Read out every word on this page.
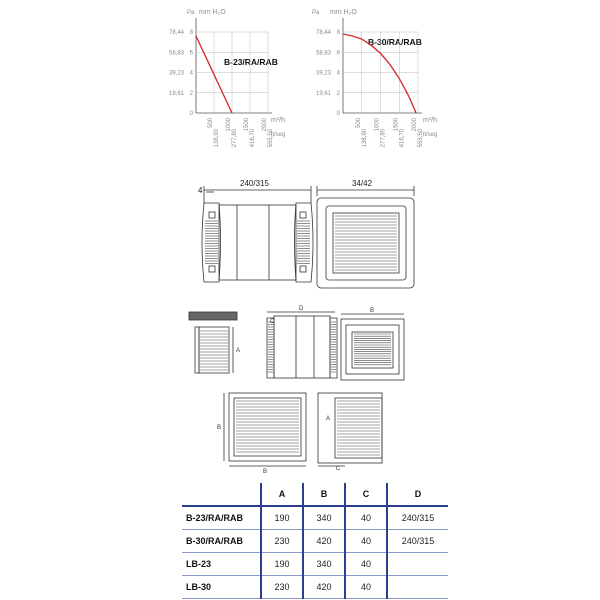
Pa mm H₂O
B-23/RA/RAB
m³/h
lt/seg
78,44
58,83
39,23
19,61
8
6
4
2
0
500 1000 1500 2000
138,90 277,80 416,70 555,50
Pa mm H₂O
B-30/RA/RAB
m³/h
lt/seg
78,44
58,83
39,23
19,61
8
6
4
2
0
500 1000 1500 2000
138,90 277,80 416,70 555,50
240/315
4
34/42
A
C
D	B
B
B
A
C
	A	B	C	D
B-23/RA/RAB	190	340	40	240/315
B-30/RA/RAB	230	420	40	240/315
LB-23	190	340	40	
LB-30	230	420	40	
